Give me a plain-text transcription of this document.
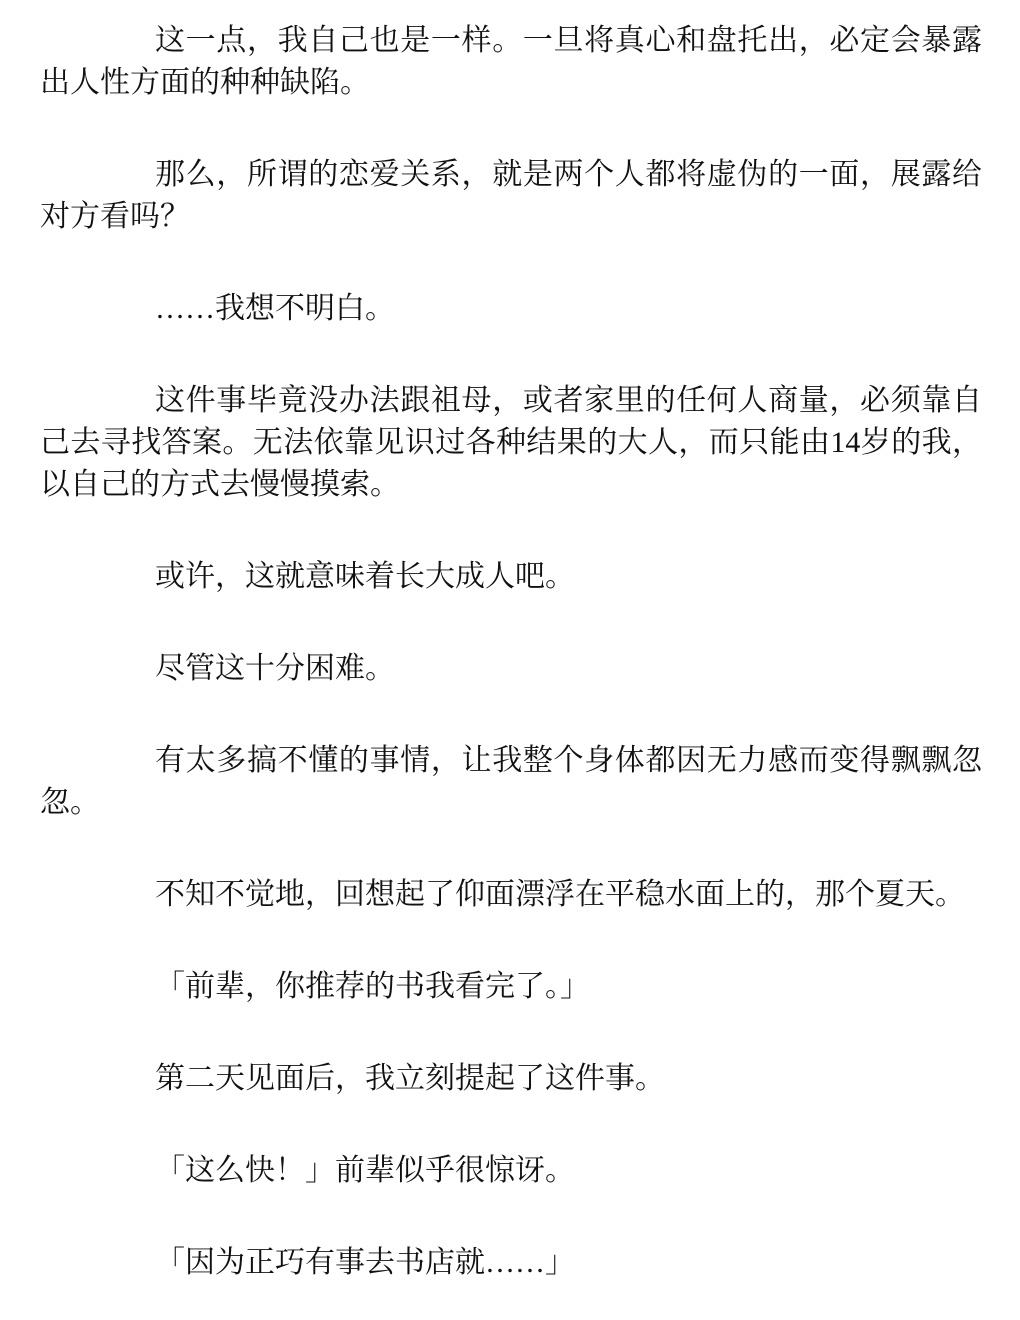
这一点，我自己也是一样。一旦将真心和盘托出，必定会暴露出人性方面的种种缺陷。

那么，所谓的恋爱关系，就是两个人都将虚伪的一面，展露给对方看吗？

……我想不明白。

这件事毕竟没办法跟祖母，或者家里的任何人商量，必须靠自己去寻找答案。无法依靠见识过各种结果的大人，而只能由14岁的我，以自己的方式去慢慢摸索。

或许，这就意味着长大成人吧。

尽管这十分困难。

有太多搞不懂的事情，让我整个身体都因无力感而变得飘飘忽忽。

不知不觉地，回想起了仰面漂浮在平稳水面上的，那个夏天。

「前辈，你推荐的书我看完了。」

第二天见面后，我立刻提起了这件事。

「这么快！」前辈似乎很惊讶。

「因为正巧有事去书店就……」
